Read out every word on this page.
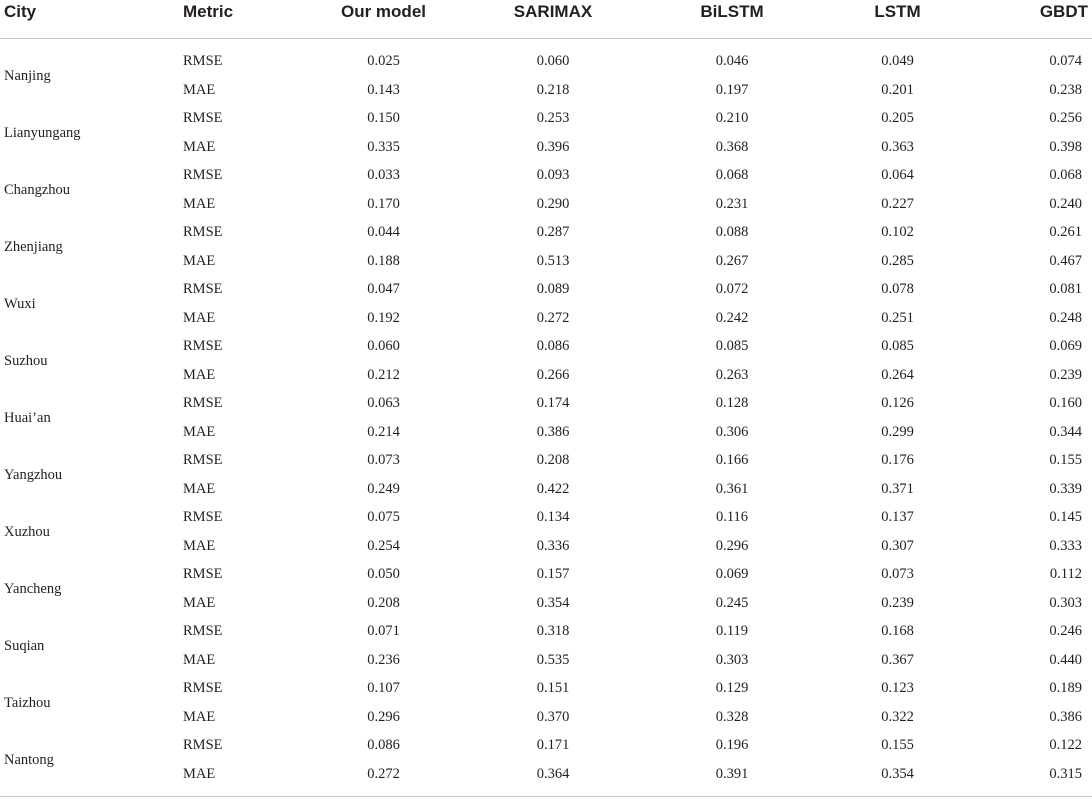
City	Metric	Our model	SARIMAX	BiLSTM	LSTM	GBDT

Nanjing	RMSE	0.025	0.060	0.046	0.049	0.074
	MAE	0.143	0.218	0.197	0.201	0.238
Lianyungang	RMSE	0.150	0.253	0.210	0.205	0.256
	MAE	0.335	0.396	0.368	0.363	0.398
Changzhou	RMSE	0.033	0.093	0.068	0.064	0.068
	MAE	0.170	0.290	0.231	0.227	0.240
Zhenjiang	RMSE	0.044	0.287	0.088	0.102	0.261
	MAE	0.188	0.513	0.267	0.285	0.467
Wuxi	RMSE	0.047	0.089	0.072	0.078	0.081
	MAE	0.192	0.272	0.242	0.251	0.248
Suzhou	RMSE	0.060	0.086	0.085	0.085	0.069
	MAE	0.212	0.266	0.263	0.264	0.239
Huai’an	RMSE	0.063	0.174	0.128	0.126	0.160
	MAE	0.214	0.386	0.306	0.299	0.344
Yangzhou	RMSE	0.073	0.208	0.166	0.176	0.155
	MAE	0.249	0.422	0.361	0.371	0.339
Xuzhou	RMSE	0.075	0.134	0.116	0.137	0.145
	MAE	0.254	0.336	0.296	0.307	0.333
Yancheng	RMSE	0.050	0.157	0.069	0.073	0.112
	MAE	0.208	0.354	0.245	0.239	0.303
Suqian	RMSE	0.071	0.318	0.119	0.168	0.246
	MAE	0.236	0.535	0.303	0.367	0.440
Taizhou	RMSE	0.107	0.151	0.129	0.123	0.189
	MAE	0.296	0.370	0.328	0.322	0.386
Nantong	RMSE	0.086	0.171	0.196	0.155	0.122
	MAE	0.272	0.364	0.391	0.354	0.315
